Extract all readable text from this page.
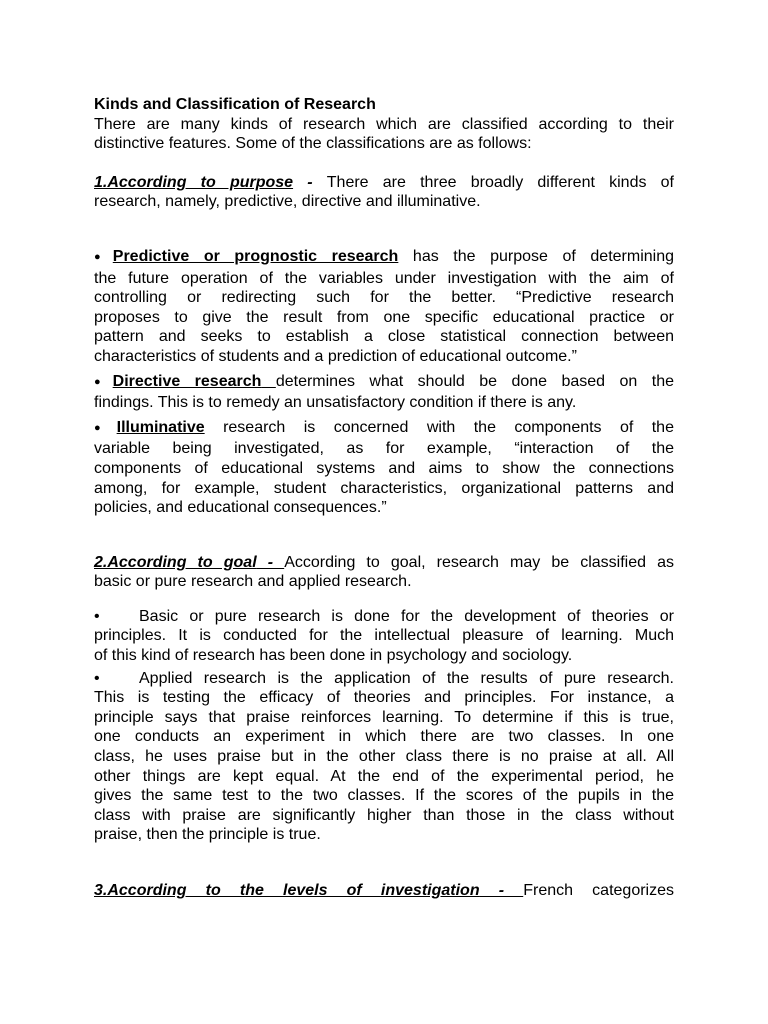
Kinds and Classification of Research
There are many kinds of research which are classified according to their
distinctive features. Some of the classifications are as follows:
1.According to purpose - There are three broadly different kinds of
research, namely, predictive, directive and illuminative.
● Predictive or prognostic research has the purpose of determining
the future operation of the variables under investigation with the aim of
controlling or redirecting such for the better. “Predictive research
proposes to give the result from one specific educational practice or
pattern and seeks to establish a close statistical connection between
characteristics of students and a prediction of educational outcome.”
● Directive research determines what should be done based on the
findings. This is to remedy an unsatisfactory condition if there is any.
● Illuminative research is concerned with the components of the
variable being investigated, as for example, “interaction of the
components of educational systems and aims to show the connections
among, for example, student characteristics, organizational patterns and
policies, and educational consequences.”
2.According to goal - According to goal, research may be classified as
basic or pure research and applied research.
• Basic or pure research is done for the development of theories or
principles. It is conducted for the intellectual pleasure of learning. Much
of this kind of research has been done in psychology and sociology.
• Applied research is the application of the results of pure research.
This is testing the efficacy of theories and principles. For instance, a
principle says that praise reinforces learning. To determine if this is true,
one conducts an experiment in which there are two classes. In one
class, he uses praise but in the other class there is no praise at all. All
other things are kept equal. At the end of the experimental period, he
gives the same test to the two classes. If the scores of the pupils in the
class with praise are significantly higher than those in the class without
praise, then the principle is true.
3.According to the levels of investigation - French categorizes
